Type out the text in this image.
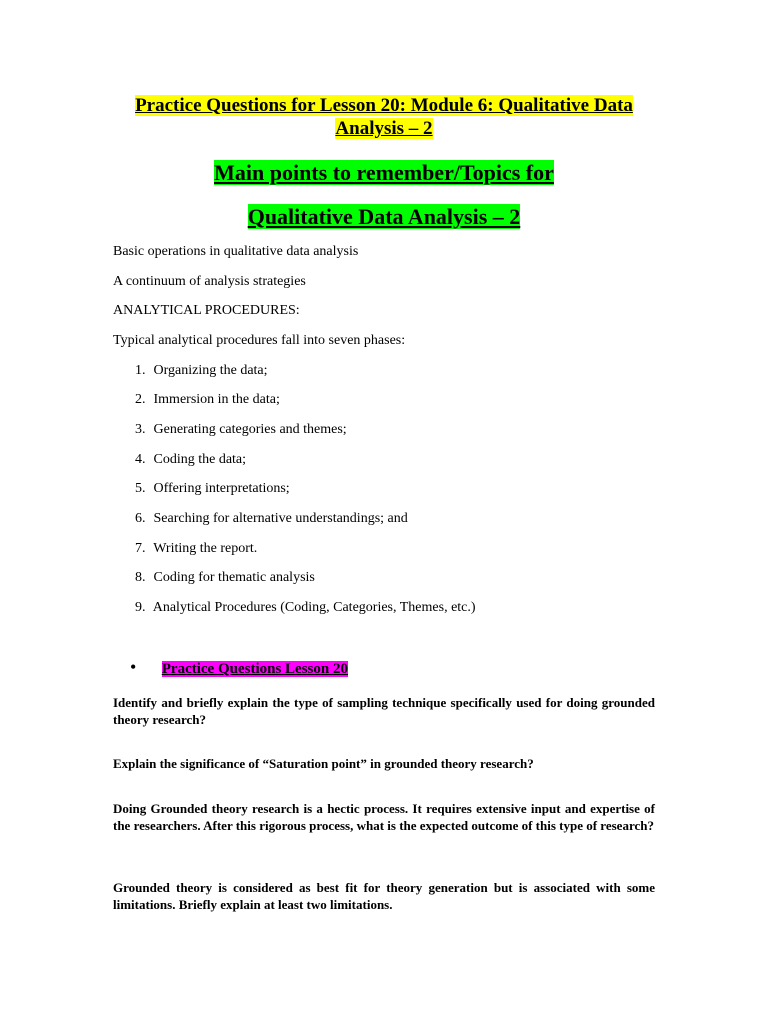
Practice Questions for Lesson 20: Module 6: Qualitative Data Analysis – 2
Main points to remember/Topics for
Qualitative Data Analysis – 2
Basic operations in qualitative data analysis
A continuum of analysis strategies
ANALYTICAL PROCEDURES:
Typical analytical procedures fall into seven phases:
1. Organizing the data;
2. Immersion in the data;
3. Generating categories and themes;
4. Coding the data;
5. Offering interpretations;
6. Searching for alternative understandings; and
7. Writing the report.
8. Coding for thematic analysis
9. Analytical Procedures (Coding, Categories, Themes, etc.)
• Practice Questions Lesson 20
Identify and briefly explain the type of sampling technique specifically used for doing grounded theory research?
Explain the significance of “Saturation point” in grounded theory research?
Doing Grounded theory research is a hectic process. It requires extensive input and expertise of the researchers. After this rigorous process, what is the expected outcome of this type of research?
Grounded theory is considered as best fit for theory generation but is associated with some limitations. Briefly explain at least two limitations.
